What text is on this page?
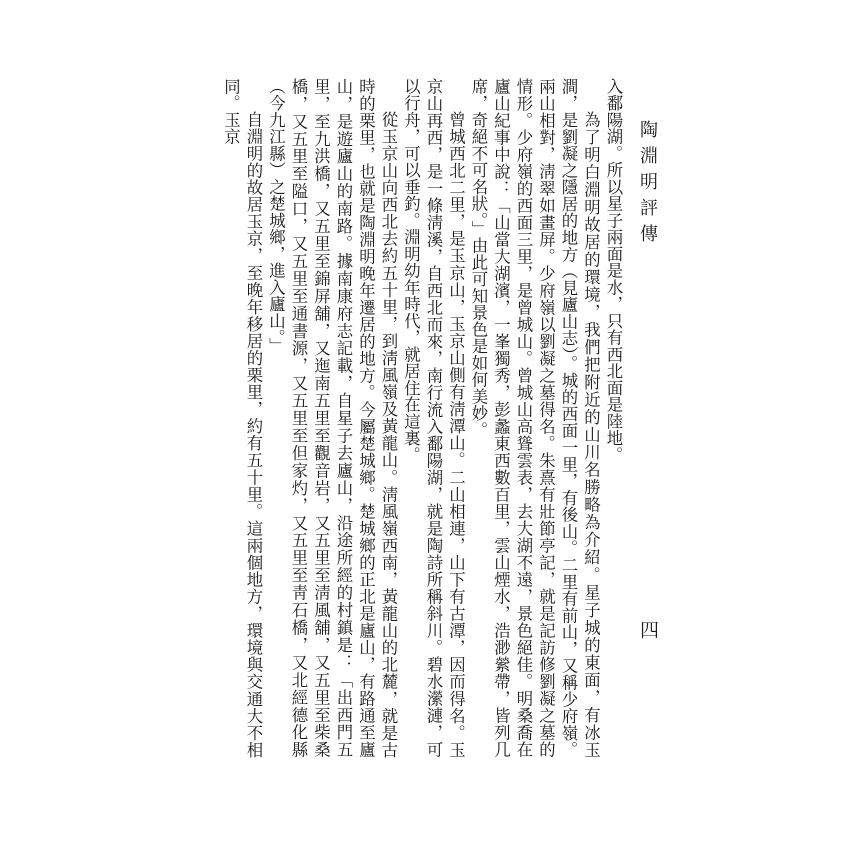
陶淵明評傳
四

入鄱陽湖。所以星子兩面是水，只有西北面是陸地。

為了明白淵明故居的環境，我們把附近的山川名勝略為介紹。星子城的東面，有冰玉澗，是劉凝之隱居的地方（見廬山志）。城的西面一里，有後山。二里有前山，又稱少府嶺。兩山相對，淸翠如畫屏。少府嶺以劉凝之墓得名。朱熹有壯節亭記，就是記訪修劉凝之墓的情形。少府嶺的西面三里，是曾城山。曾城山高聳雲表，去大湖不遠，景色絕佳。明桑喬在廬山紀事中說：「山當大湖濱，一峯獨秀，彭蠡東西數百里，雲山煙水，浩渺縈帶，皆列几席，奇絕不可名狀。」由此可知景色是如何美妙。

曾城西北二里，是玉京山，玉京山側有淸潭山。二山相連，山下有古潭，因而得名。玉京山再西，是一條淸溪，自西北而來，南行流入鄱陽湖，就是陶詩所稱斜川。碧水瀠漣，可以行舟，可以垂釣。淵明幼年時代，就居住在這裏。

從玉京山向西北去約五十里，到淸風嶺及黃龍山。淸風嶺西南，黃龍山的北麓，就是古時的栗里，也就是陶淵明晚年遷居的地方。今屬楚城鄉。楚城鄉的正北是廬山，有路通至廬山，是遊廬山的南路。據南康府志記載，自星子去廬山，沿途所經的村鎮是：「出西門五里，至九洪橋，又五里至錦屏舖，又迤南五里至觀音岩，又五里至淸風舖，又五里至柴桑橋，又五里至隘口，又五里至通書源，又五里至但家灼，又五里至靑石橋，又北經德化縣（今九江縣）之楚城鄉，進入廬山。」

自淵明的故居玉京，至晚年移居的栗里，約有五十里。這兩個地方，環境與交通大不相同。玉京
